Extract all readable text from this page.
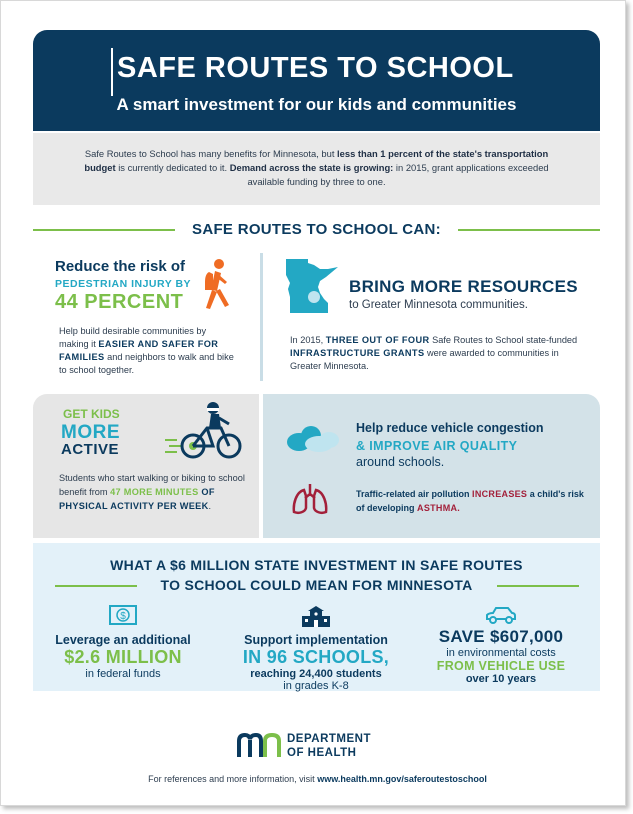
SAFE ROUTES TO SCHOOL
A smart investment for our kids and communities

Safe Routes to School has many benefits for Minnesota, but less than 1 percent of the state's transportation budget is currently dedicated to it. Demand across the state is growing: in 2015, grant applications exceeded available funding by three to one.

SAFE ROUTES TO SCHOOL CAN:
Reduce the risk of
PEDESTRIAN INJURY BY
44 PERCENT
Help build desirable communities by making it EASIER AND SAFER FOR FAMILIES and neighbors to walk and bike to school together.
BRING MORE RESOURCES
to Greater Minnesota communities.
In 2015, THREE OUT OF FOUR Safe Routes to School state-funded INFRASTRUCTURE GRANTS were awarded to communities in Greater Minnesota.
GET KIDS
MORE
ACTIVE
Students who start walking or biking to school benefit from 47 MORE MINUTES OF PHYSICAL ACTIVITY PER WEEK.
Help reduce vehicle congestion
& IMPROVE AIR QUALITY
around schools.
Traffic-related air pollution INCREASES a child's risk of developing ASTHMA.
WHAT A $6 MILLION STATE INVESTMENT IN SAFE ROUTES
TO SCHOOL COULD MEAN FOR MINNESOTA
$
Leverage an additional
$2.6 MILLION
in federal funds
Support implementation
IN 96 SCHOOLS,
reaching 24,400 students
in grades K-8
SAVE $607,000
in environmental costs
FROM VEHICLE USE
over 10 years
DEPARTMENT
OF HEALTH
For references and more information, visit www.health.mn.gov/saferoutestoschool
